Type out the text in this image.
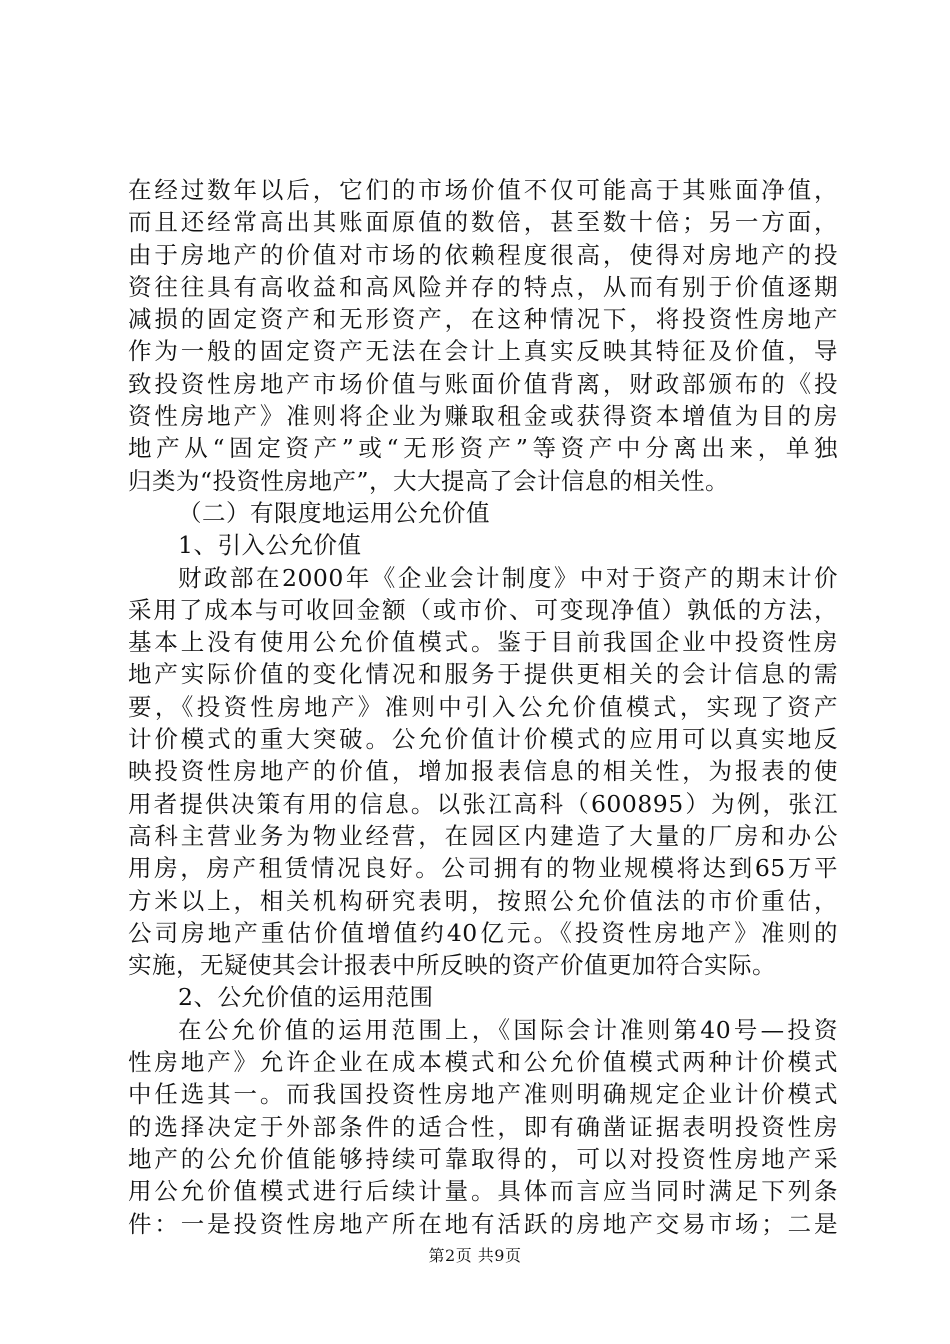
在经过数年以后，它们的市场价值不仅可能高于其账面净值，
而且还经常高出其账面原值的数倍，甚至数十倍；另一方面，
由于房地产的价值对市场的依赖程度很高，使得对房地产的投
资往往具有高收益和高风险并存的特点，从而有别于价值逐期
减损的固定资产和无形资产，在这种情况下，将投资性房地产
作为一般的固定资产无法在会计上真实反映其特征及价值，导
致投资性房地产市场价值与账面价值背离，财政部颁布的《投
资性房地产》准则将企业为赚取租金或获得资本增值为目的房
地产从“固定资产”或“无形资产”等资产中分离出来，单独
归类为“投资性房地产”，大大提高了会计信息的相关性。
（二）有限度地运用公允价值
1、引入公允价值
财政部在2000年《企业会计制度》中对于资产的期末计价
采用了成本与可收回金额（或市价、可变现净值）孰低的方法，
基本上没有使用公允价值模式。鉴于目前我国企业中投资性房
地产实际价值的变化情况和服务于提供更相关的会计信息的需
要，《投资性房地产》准则中引入公允价值模式，实现了资产
计价模式的重大突破。公允价值计价模式的应用可以真实地反
映投资性房地产的价值，增加报表信息的相关性，为报表的使
用者提供决策有用的信息。以张江高科（600895）为例，张江
高科主营业务为物业经营，在园区内建造了大量的厂房和办公
用房，房产租赁情况良好。公司拥有的物业规模将达到65万平
方米以上，相关机构研究表明，按照公允价值法的市价重估，
公司房地产重估价值增值约40亿元。《投资性房地产》准则的
实施，无疑使其会计报表中所反映的资产价值更加符合实际。
2、公允价值的运用范围
在公允价值的运用范围上，《国际会计准则第40号—投资
性房地产》允许企业在成本模式和公允价值模式两种计价模式
中任选其一。而我国投资性房地产准则明确规定企业计价模式
的选择决定于外部条件的适合性，即有确凿证据表明投资性房
地产的公允价值能够持续可靠取得的，可以对投资性房地产采
用公允价值模式进行后续计量。具体而言应当同时满足下列条
件：一是投资性房地产所在地有活跃的房地产交易市场；二是
第2页 共9页
